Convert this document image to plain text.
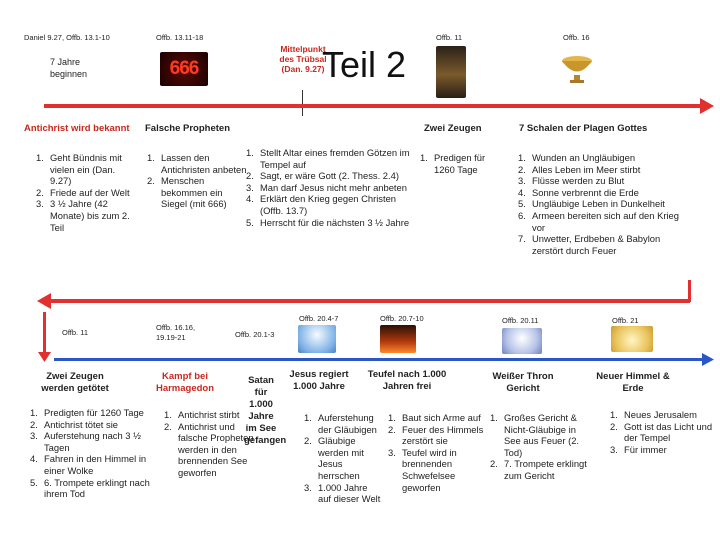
Daniel 9.27, Offb. 13.1-10	Offb. 13.11-18	Offb. 11	Offb. 16
7 Jahre beginnen	666
Mittelpunkt des Trübsal (Dan. 9.27)
Teil 2
Antichrist wird bekannt Falsche Propheten	Zwei Zeugen	7 Schalen der Plagen Gottes
1. Geht Bündnis mit vielen ein (Dan. 9.27)
2. Friede auf der Welt
3. 3 ½ Jahre (42 Monate) bis zum 2. Teil
1. Lassen den Antichristen anbeten
2. Menschen bekommen ein Siegel (mit 666)
1. Stellt Altar eines fremden Götzen im Tempel auf
2. Sagt, er wäre Gott (2. Thess. 2.4)
3. Man darf Jesus nicht mehr anbeten
4. Erklärt den Krieg gegen Christen (Offb. 13.7)
5. Herrscht für die nächsten 3 ½ Jahre
1. Predigen für 1260 Tage
1. Wunden an Ungläubigen
2. Alles Leben im Meer stirbt
3. Flüsse werden zu Blut
4. Sonne verbrennt die Erde
5. Ungläubige Leben in Dunkelheit
6. Armeen bereiten sich auf den Krieg vor
7. Unwetter, Erdbeben & Babylon zerstört durch Feuer
Offb. 11
Offb. 16.16, 19.19-21	Offb. 20.1-3
Offb. 20.4-7	Offb. 20.7-10	Offb. 20.11	Offb. 21
Zwei Zeugen werden getötet
Kampf bei Harmagedon
Satan für 1.000 Jahre im See gefangen
Jesus regiert 1.000 Jahre
Teufel nach 1.000 Jahren frei
Weißer Thron Gericht
Neuer Himmel & Erde
1. Predigten für 1260 Tage
2. Antichrist tötet sie
3. Auferstehung nach 3 ½ Tagen
4. Fahren in den Himmel in einer Wolke
5. 6. Trompete erklingt nach ihrem Tod
1. Antichrist stirbt
2. Antichrist und falsche Propheten werden in den brennenden See geworfen
1. Auferstehung der Gläubigen
2. Gläubige werden mit Jesus herrschen
3. 1.000 Jahre auf dieser Welt
1. Baut sich Arme auf
2. Feuer des Himmels zerstört sie
3. Teufel wird in brennenden Schwefelsee geworfen
1. Großes Gericht & Nicht-Gläubige in See aus Feuer (2. Tod)
2. 7. Trompete erklingt zum Gericht
1. Neues Jerusalem
2. Gott ist das Licht und der Tempel
3. Für immer
